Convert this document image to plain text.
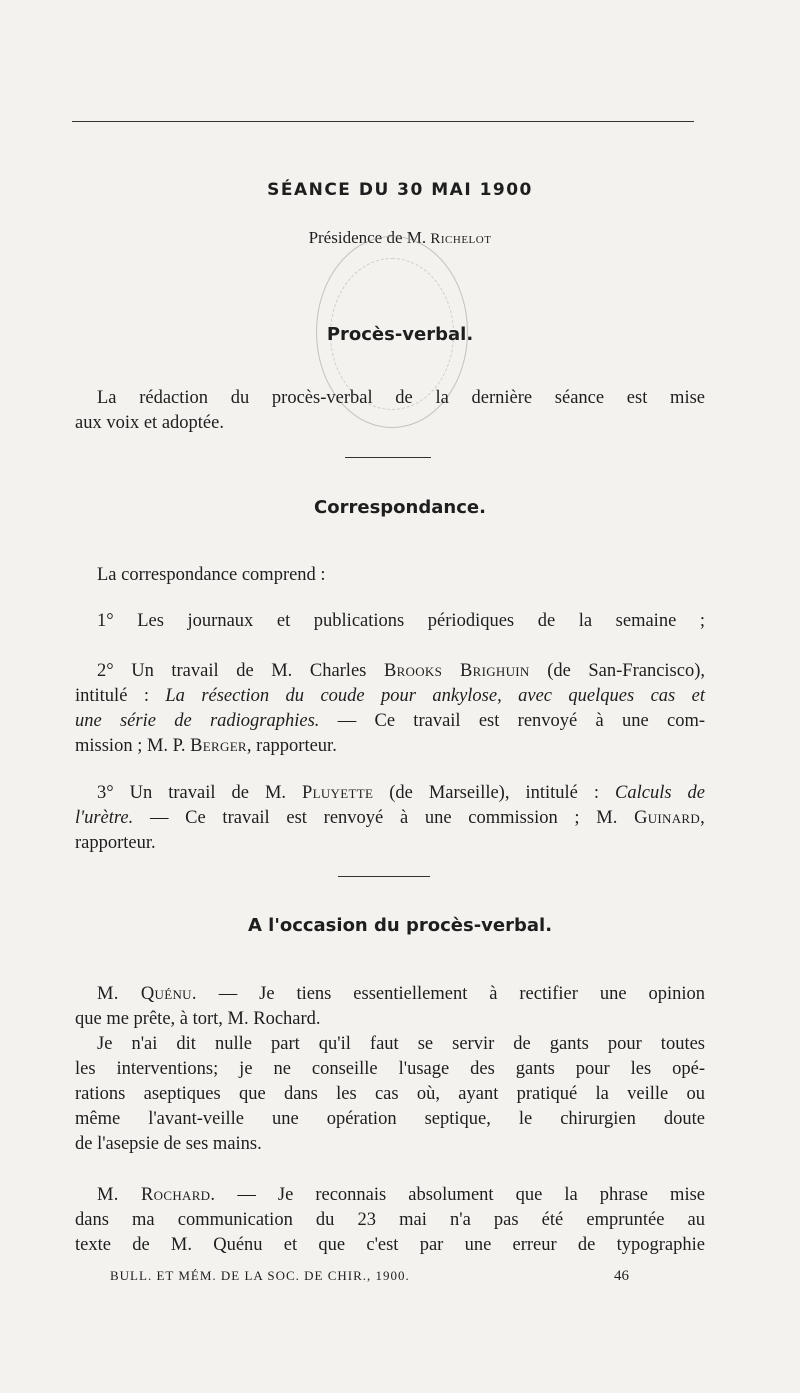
SÉANCE DU 30 MAI 1900
Présidence de M. Richelot
Procès-verbal.
La rédaction du procès-verbal de la dernière séance est mise
aux voix et adoptée.
Correspondance.
La correspondance comprend :
1° Les journaux et publications périodiques de la semaine ;
2° Un travail de M. Charles Brooks Brighuin (de San-Francisco),
intitulé : La résection du coude pour ankylose, avec quelques cas et
une série de radiographies. — Ce travail est renvoyé à une com-
mission ; M. P. Berger, rapporteur.
3° Un travail de M. Pluyette (de Marseille), intitulé : Calculs de
l'urètre. — Ce travail est renvoyé à une commission ; M. Guinard,
rapporteur.
A l'occasion du procès-verbal.
M. Quénu. — Je tiens essentiellement à rectifier une opinion
que me prête, à tort, M. Rochard.
Je n'ai dit nulle part qu'il faut se servir de gants pour toutes
les interventions; je ne conseille l'usage des gants pour les opé-
rations aseptiques que dans les cas où, ayant pratiqué la veille ou
même l'avant-veille une opération septique, le chirurgien doute
de l'asepsie de ses mains.
M. Rochard. — Je reconnais absolument que la phrase mise
dans ma communication du 23 mai n'a pas été empruntée au
texte de M. Quénu et que c'est par une erreur de typographie
BULL. ET MÉM. DE LA SOC. DE CHIR., 1900.	46
